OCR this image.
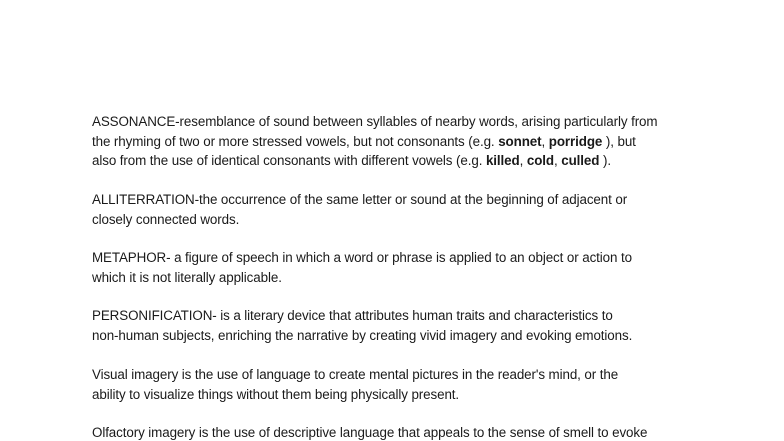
ASSONANCE-resemblance of sound between syllables of nearby words, arising particularly from
the rhyming of two or more stressed vowels, but not consonants (e.g. sonnet, porridge ), but
also from the use of identical consonants with different vowels (e.g. killed, cold, culled ).

ALLITERRATION-the occurrence of the same letter or sound at the beginning of adjacent or
closely connected words.

METAPHOR- a figure of speech in which a word or phrase is applied to an object or action to
which it is not literally applicable.

PERSONIFICATION- is a literary device that attributes human traits and characteristics to
non-human subjects, enriching the narrative by creating vivid imagery and evoking emotions.

Visual imagery is the use of language to create mental pictures in the reader's mind, or the
ability to visualize things without them being physically present.

Olfactory imagery is the use of descriptive language that appeals to the sense of smell to evoke
